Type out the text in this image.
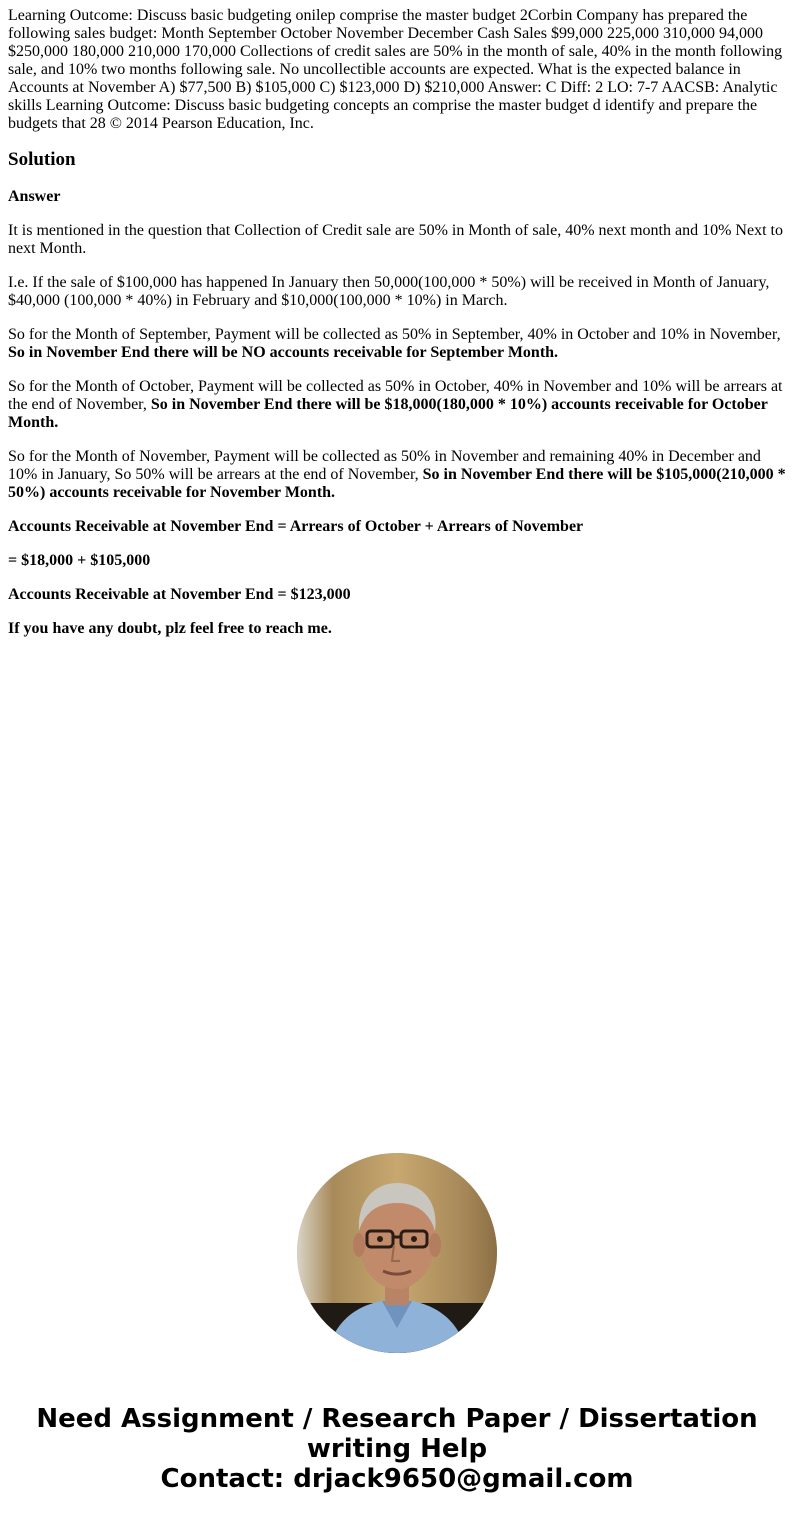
Learning Outcome: Discuss basic budgeting onilep comprise the master budget 2Corbin Company has prepared the following sales budget: Month September October November December Cash Sales $99,000 225,000 310,000 94,000 $250,000 180,000 210,000 170,000 Collections of credit sales are 50% in the month of sale, 40% in the month following sale, and 10% two months following sale. No uncollectible accounts are expected. What is the expected balance in Accounts at November A) $77,500 B) $105,000 C) $123,000 D) $210,000 Answer: C Diff: 2 LO: 7-7 AACSB: Analytic skills Learning Outcome: Discuss basic budgeting concepts an comprise the master budget d identify and prepare the budgets that 28 © 2014 Pearson Education, Inc.

Solution

Answer

It is mentioned in the question that Collection of Credit sale are 50% in Month of sale, 40% next month and 10% Next to next Month.

I.e. If the sale of $100,000 has happened In January then 50,000(100,000 * 50%) will be received in Month of January, $40,000 (100,000 * 40%) in February and $10,000(100,000 * 10%) in March.

So for the Month of September, Payment will be collected as 50% in September, 40% in October and 10% in November, So in November End there will be NO accounts receivable for September Month.

So for the Month of October, Payment will be collected as 50% in October, 40% in November and 10% will be arrears at the end of November, So in November End there will be $18,000(180,000 * 10%) accounts receivable for October Month.

So for the Month of November, Payment will be collected as 50% in November and remaining 40% in December and 10% in January, So 50% will be arrears at the end of November, So in November End there will be $105,000(210,000 * 50%) accounts receivable for November Month.

Accounts Receivable at November End = Arrears of October + Arrears of November

= $18,000 + $105,000

Accounts Receivable at November End = $123,000

If you have any doubt, plz feel free to reach me.

Need Assignment / Research Paper / Dissertation
writing Help
Contact: drjack9650@gmail.com
